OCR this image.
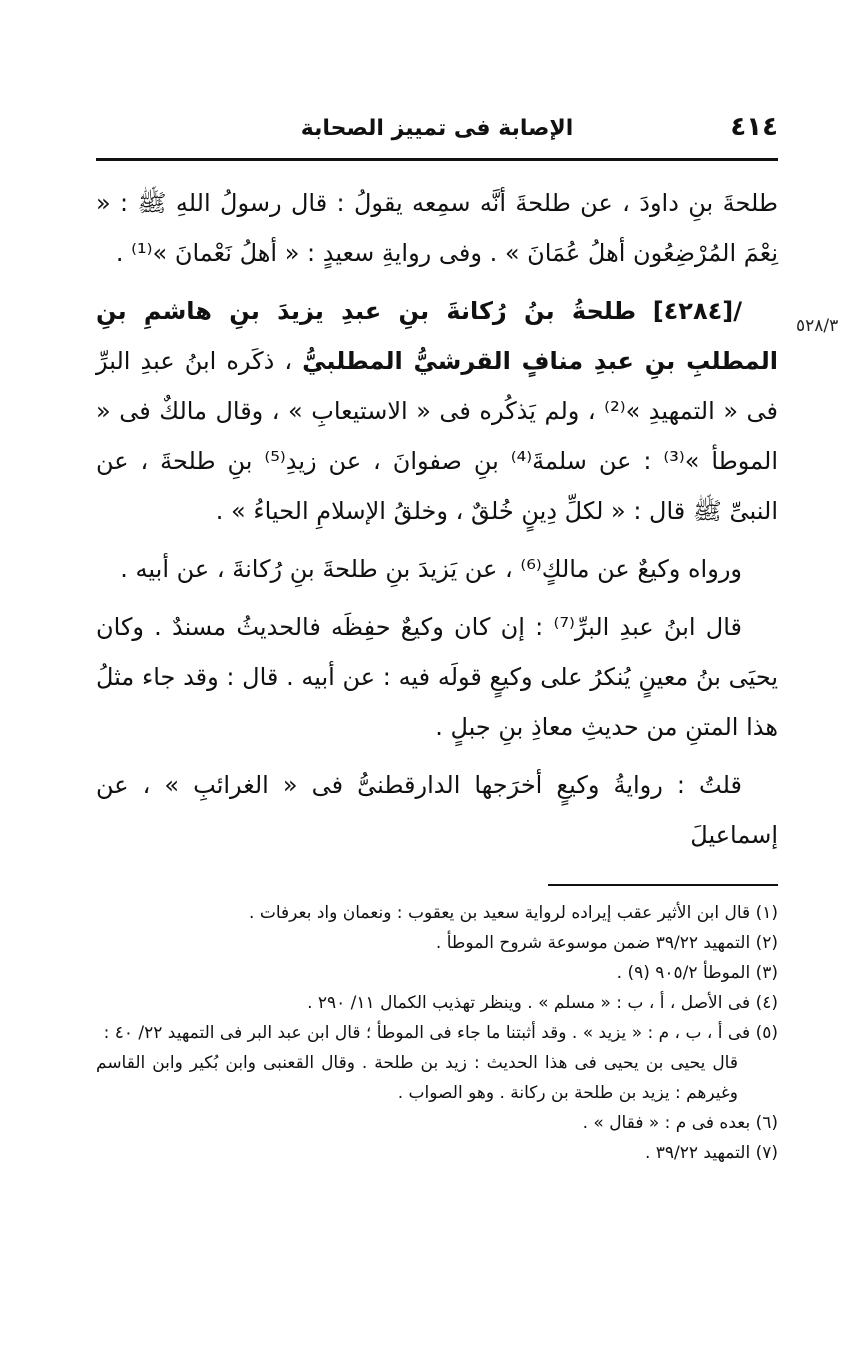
٤١٤
الإصابة فى تمييز الصحابة
٥٢٨/٣

طلحةَ بنِ داودَ ، عن طلحةَ أنَّه سمِعه يقولُ : قال رسولُ اللهِ ﷺ : « نِعْمَ المُرْضِعُون أهلُ عُمَانَ » . وفى روايةِ سعيدٍ : « أهلُ نَعْمانَ »⁽¹⁾ .

/[٤٢٨٤] طلحةُ بنُ رُكانةَ بنِ عبدِ يزيدَ بنِ هاشمِ بنِ المطلبِ بنِ عبدِ منافٍ القرشيُّ المطلبيُّ ، ذكَره ابنُ عبدِ البرِّ فى « التمهيدِ »⁽²⁾ ، ولم يَذكُره فى « الاستيعابِ » ، وقال مالكٌ فى « الموطأ »⁽³⁾ : عن سلمةَ⁽⁴⁾ بنِ صفوانَ ، عن زيدِ⁽⁵⁾ بنِ طلحةَ ، عن النبىِّ ﷺ قال : « لكلِّ دِينٍ خُلقٌ ، وخلقُ الإسلامِ الحياءُ » .

ورواه وكيعٌ عن مالكٍ⁽⁶⁾ ، عن يَزيدَ بنِ طلحةَ بنِ رُكانةَ ، عن أبيه .

قال ابنُ عبدِ البرِّ⁽⁷⁾ : إن كان وكيعٌ حفِظَه فالحديثُ مسندٌ . وكان يحيَى بنُ معينٍ يُنكرُ على وكيعٍ قولَه فيه : عن أبيه . قال : وقد جاء مثلُ هذا المتنِ من حديثِ معاذِ بنِ جبلٍ .

قلتُ : روايةُ وكيعٍ أخرَجها الدارقطنىُّ فى « الغرائبِ » ، عن إسماعيلَ

(١) قال ابن الأثير عقب إيراده لرواية سعيد بن يعقوب : ونعمان واد بعرفات .

(٢) التمهيد ٣٩/٢٢ ضمن موسوعة شروح الموطأ .

(٣) الموطأ ٩٠٥/٢ (٩) .

(٤) فى الأصل ، أ ، ب : « مسلم » . وينظر تهذيب الكمال ١١/ ٢٩٠ .

(٥) فى أ ، ب ، م : « يزيد » . وقد أثبتنا ما جاء فى الموطأ ؛ قال ابن عبد البر فى التمهيد ٢٢/ ٤٠ :

قال يحيى بن يحيى فى هذا الحديث : زيد بن طلحة . وقال القعنبى وابن بُكير وابن القاسم وغيرهم : يزيد بن طلحة بن ركانة . وهو الصواب .

(٦) بعده فى م : « فقال » .

(٧) التمهيد ٣٩/٢٢ .
